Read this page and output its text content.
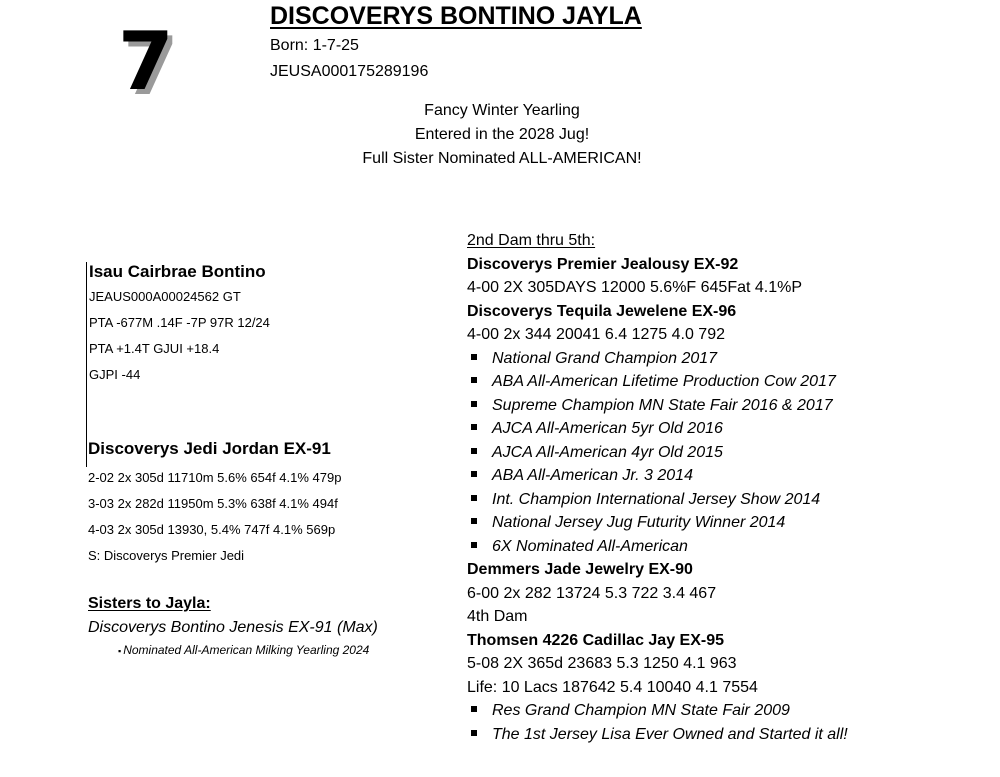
7	DISCOVERYS BONTINO JAYLA
Born: 1-7-25
JEUSA000175289196
Fancy Winter Yearling
Entered in the 2028 Jug!
Full Sister Nominated ALL-AMERICAN!
Isau Cairbrae Bontino
JEAUS000A00024562 GT
PTA -677M .14F -7P 97R 12/24
PTA +1.4T GJUI +18.4
GJPI -44
Discoverys Jedi Jordan EX-91
2-02 2x 305d 11710m 5.6% 654f 4.1% 479p
3-03 2x 282d 11950m 5.3% 638f 4.1% 494f
4-03 2x 305d 13930, 5.4% 747f 4.1% 569p
S: Discoverys Premier Jedi
Sisters to Jayla:
Discoverys Bontino Jenesis EX-91 (Max)
▪ Nominated All-American Milking Yearling 2024
2nd Dam thru 5th:
Discoverys Premier Jealousy EX-92
4-00 2X 305DAYS 12000 5.6%F 645Fat 4.1%P
Discoverys Tequila Jewelene EX-96
4-00 2x 344 20041 6.4 1275 4.0 792
National Grand Champion 2017
ABA All-American Lifetime Production Cow 2017
Supreme Champion MN State Fair 2016 & 2017
AJCA All-American 5yr Old 2016
AJCA All-American 4yr Old 2015
ABA All-American Jr. 3 2014
Int. Champion International Jersey Show 2014
National Jersey Jug Futurity Winner 2014
6X Nominated All-American
Demmers Jade Jewelry EX-90
6-00 2x 282 13724 5.3 722 3.4 467
4th Dam
Thomsen 4226 Cadillac Jay EX-95
5-08 2X 365d 23683 5.3 1250 4.1 963
Life: 10 Lacs 187642 5.4 10040 4.1 7554
Res Grand Champion MN State Fair 2009
The 1st Jersey Lisa Ever Owned and Started it all!
